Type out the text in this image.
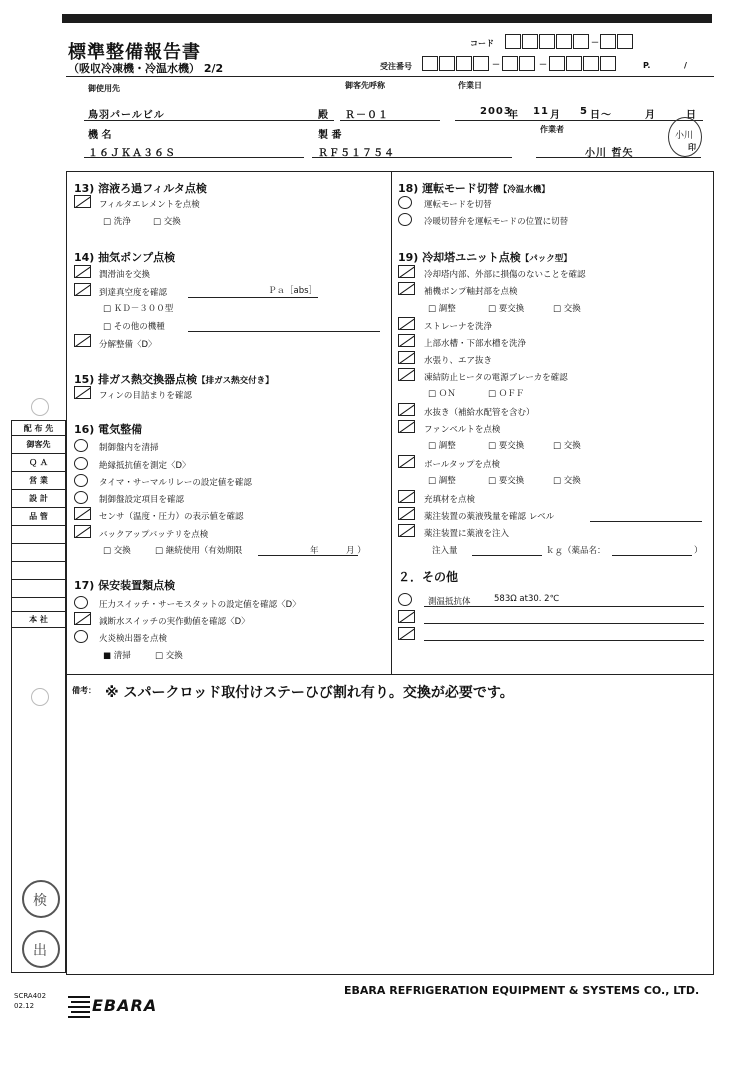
標準整備報告書
（吸収冷凍機・冷温水機） 2/2
コード	－
受注番号	－	－	P.	/
御使用先	御客先呼称	作業日
鳥羽パールビル	殿 Ｒ－０１	2003
年 11 月 5 日～	月	日
機 名	製 番
作業者
１６ＪＫＡ３６Ｓ	ＲＦ５１７５４	小川 哲矢
小川
印
13) 溶液ろ過フィルタ点検
フィルタエレメントを点検
□ 洗浄	□ 交換
14) 抽気ポンプ点検
潤滑油を交換
到達真空度を確認	Ｐａ［abs］
□ ＫＤ－３００型
□ その他の機種
分解整備〈D〉
15) 排ガス熱交換器点検【排ガス熱交付き】
フィンの目詰まりを確認
16) 電気整備
制御盤内を清掃
絶縁抵抗値を測定〈D〉
タイマ・サーマルリレーの設定値を確認
制御盤設定項目を確認
センサ（温度・圧力）の表示値を確認
バックアップバッテリを点検
□ 交換	□ 継続使用（有効期限	年	月 ）
17) 保安装置類点検
圧力スイッチ・サーモスタットの設定値を確認〈D〉
減断水スイッチの実作動値を確認〈D〉
火炎検出器を点検
■ 清掃	□ 交換
18) 運転モード切替【冷温水機】
運転モードを切替
冷暖切替弁を運転モードの位置に切替
19) 冷却塔ユニット点検【パック型】
冷却塔内部、外部に損傷のないことを確認
補機ポンプ軸封部を点検
□ 調整	□ 要交換	□ 交換
ストレーナを洗浄
上部水槽・下部水槽を洗浄
水張り、エア抜き
凍結防止ヒータの電源ブレーカを確認
□ ＯＮ	□ ＯＦＦ
水抜き（補給水配管を含む）
ファンベルトを点検
□ 調整	□ 要交換	□ 交換
ボールタップを点検
□ 調整	□ 要交換	□ 交換
充填材を点検
薬注装置の薬液残量を確認 レベル
薬注装置に薬液を注入
注入量	ｋｇ（薬品名：	）
２．その他
測温抵抗体	583Ω at30. 2℃
備考： ※ スパークロッド取付けステーひび割れ有り。交換が必要です。
配 布 先
御客先
Ｑ Ａ
営 業
設 計
品 管
本 社
検
出
SCRA402
02.12	EBARA
EBARA REFRIGERATION EQUIPMENT & SYSTEMS CO., LTD.
